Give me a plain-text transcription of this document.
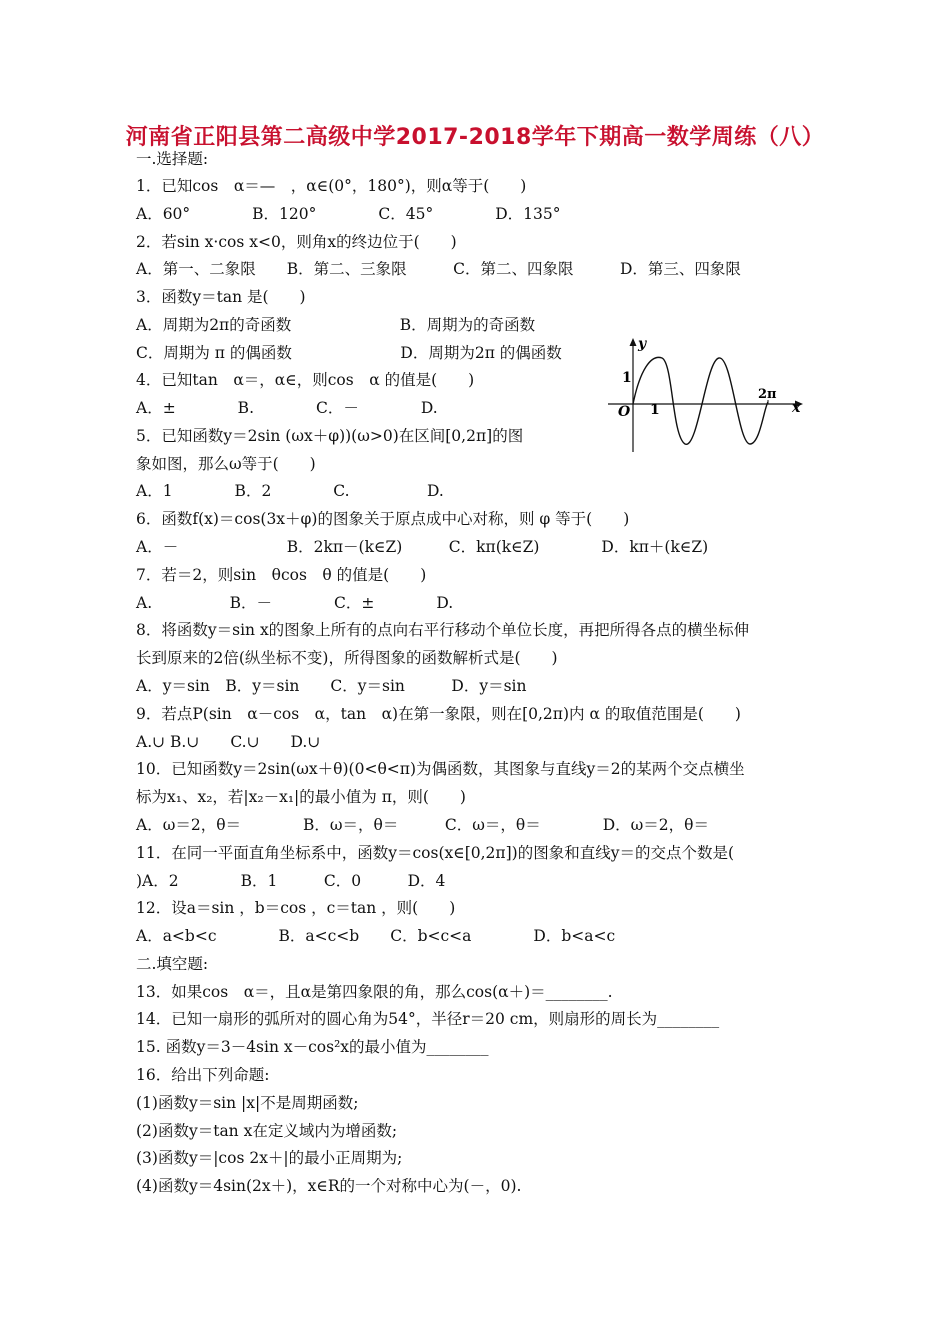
河南省正阳县第二高级中学2017-2018学年下期高一数学周练（八）
一.选择题:
1．已知cos　α＝—　，α∈(0°，180°)，则α等于(　　)
A．60°　　　　B．120°　　　　C．45°　　　　D．135°
2．若sin x·cos x<0，则角x的终边位于(　　)
A．第一、二象限　　B．第二、三象限　　　C．第二、四象限　　　D．第三、四象限
3．函数y＝tan 是(　　)
A．周期为2π的奇函数　　　　　　　B．周期为的奇函数
C．周期为 π 的偶函数　　　　　　　D．周期为2π 的偶函数
4．已知tan　α＝，α∈，则cos　α 的值是(　　)
A．±　　　　B.　　　　C．－　　　　D.
5．已知函数y＝2sin (ωx＋φ))(ω>0)在区间[0,2π]的图
象如图，那么ω等于(　　)
A．1　　　　B．2　　　　C.　　　　　D.
6．函数f(x)＝cos(3x＋φ)的图象关于原点成中心对称，则 φ 等于(　　)
A．－　　　　　　　B．2kπ－(k∈Z)　　　C．kπ(k∈Z)　　　　D．kπ＋(k∈Z)
7．若＝2，则sin　θcos　θ 的值是(　　)
A.　　　　　B．－　　　　C．±　　　　D.
8．将函数y＝sin x的图象上所有的点向右平行移动个单位长度，再把所得各点的横坐标伸
长到原来的2倍(纵坐标不变)，所得图象的函数解析式是(　　)
A．y＝sin　B．y＝sin　　C．y＝sin　　　D．y＝sin
9．若点P(sin　α－cos　α，tan　α)在第一象限，则在[0,2π)内 α 的取值范围是(　　)
A.∪ B.∪　　C.∪　　D.∪
10．已知函数y＝2sin(ωx＋θ)(0<θ<π)为偶函数，其图象与直线y＝2的某两个交点横坐
标为x₁、x₂，若|x₂－x₁|的最小值为 π，则(　　)
A．ω＝2，θ＝　　　　B．ω＝，θ＝　　　C．ω＝，θ＝　　　　D．ω＝2，θ＝
11．在同一平面直角坐标系中，函数y＝cos(x∈[0,2π])的图象和直线y＝的交点个数是(
)A．2　　　　B．1　　　C．0　　　D．4
12．设a＝sin ，b＝cos ，c＝tan ，则(　　)
A．a<b<c　　　　B．a<c<b　　C．b<c<a　　　　D．b<a<c
二.填空题:
13．如果cos　α＝，且α是第四象限的角，那么cos(α＋)＝________.
14．已知一扇形的弧所对的圆心角为54°，半径r＝20 cm，则扇形的周长为________
15. 函数y＝3－4sin x－cos²x的最小值为________
16．给出下列命题:
(1)函数y＝sin |x|不是周期函数;
(2)函数y＝tan x在定义域内为增函数;
(3)函数y＝|cos 2x＋|的最小正周期为;
(4)函数y＝4sin(2x＋)，x∈R的一个对称中心为(－，0).
y
x
O
1
1
2π
